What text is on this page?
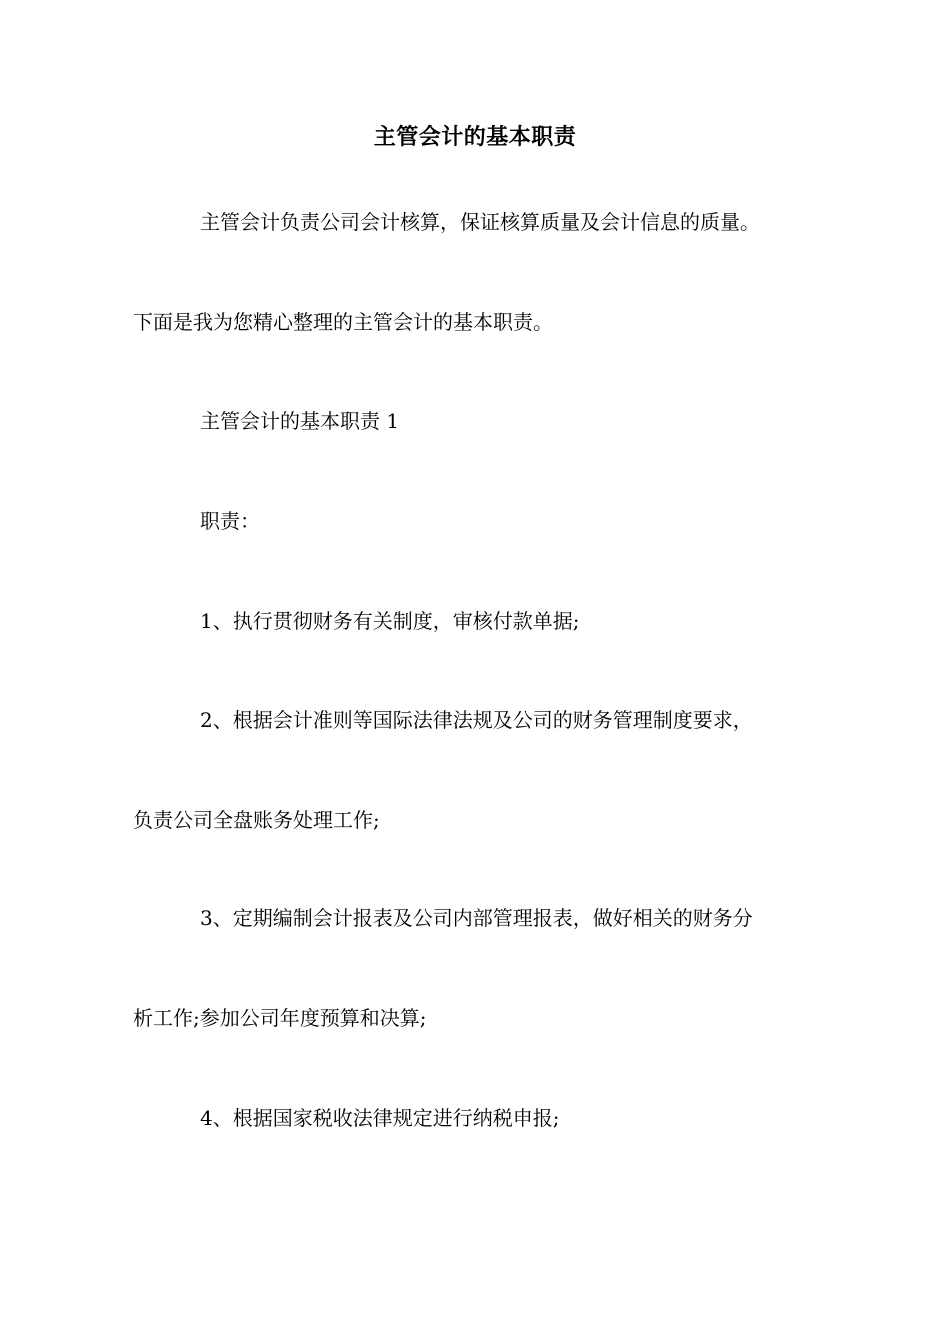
主管会计的基本职责
主管会计负责公司会计核算，保证核算质量及会计信息的质量。
下面是我为您精心整理的主管会计的基本职责。
主管会计的基本职责 1
职责：
1、执行贯彻财务有关制度，审核付款单据;
2、根据会计准则等国际法律法规及公司的财务管理制度要求，
负责公司全盘账务处理工作;
3、定期编制会计报表及公司内部管理报表，做好相关的财务分
析工作;参加公司年度预算和决算;
4、根据国家税收法律规定进行纳税申报;
